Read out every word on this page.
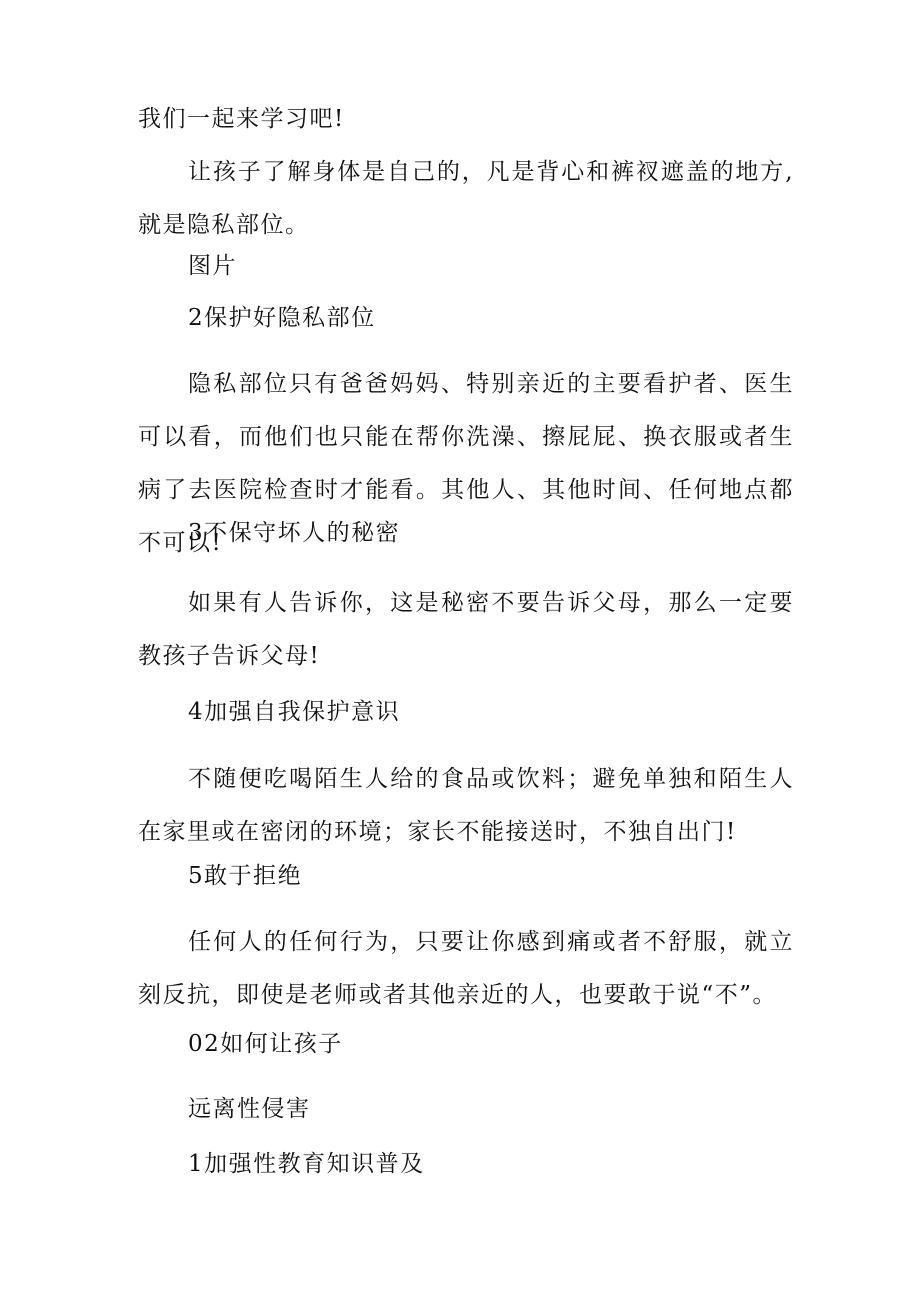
我们一起来学习吧!

让孩子了解身体是自己的，凡是背心和裤衩遮盖的地方,就是隐私部位。

图片

2保护好隐私部位

隐私部位只有爸爸妈妈、特别亲近的主要看护者、医生可以看，而他们也只能在帮你洗澡、擦屁屁、换衣服或者生病了去医院检查时才能看。其他人、其他时间、任何地点都不可以!

3不保守坏人的秘密

如果有人告诉你，这是秘密不要告诉父母，那么一定要教孩子告诉父母!

4加强自我保护意识

不随便吃喝陌生人给的食品或饮料；避免单独和陌生人在家里或在密闭的环境；家长不能接送时，不独自出门!

5敢于拒绝

任何人的任何行为，只要让你感到痛或者不舒服，就立刻反抗，即使是老师或者其他亲近的人，也要敢于说“不”。

02如何让孩子

远离性侵害

1加强性教育知识普及
